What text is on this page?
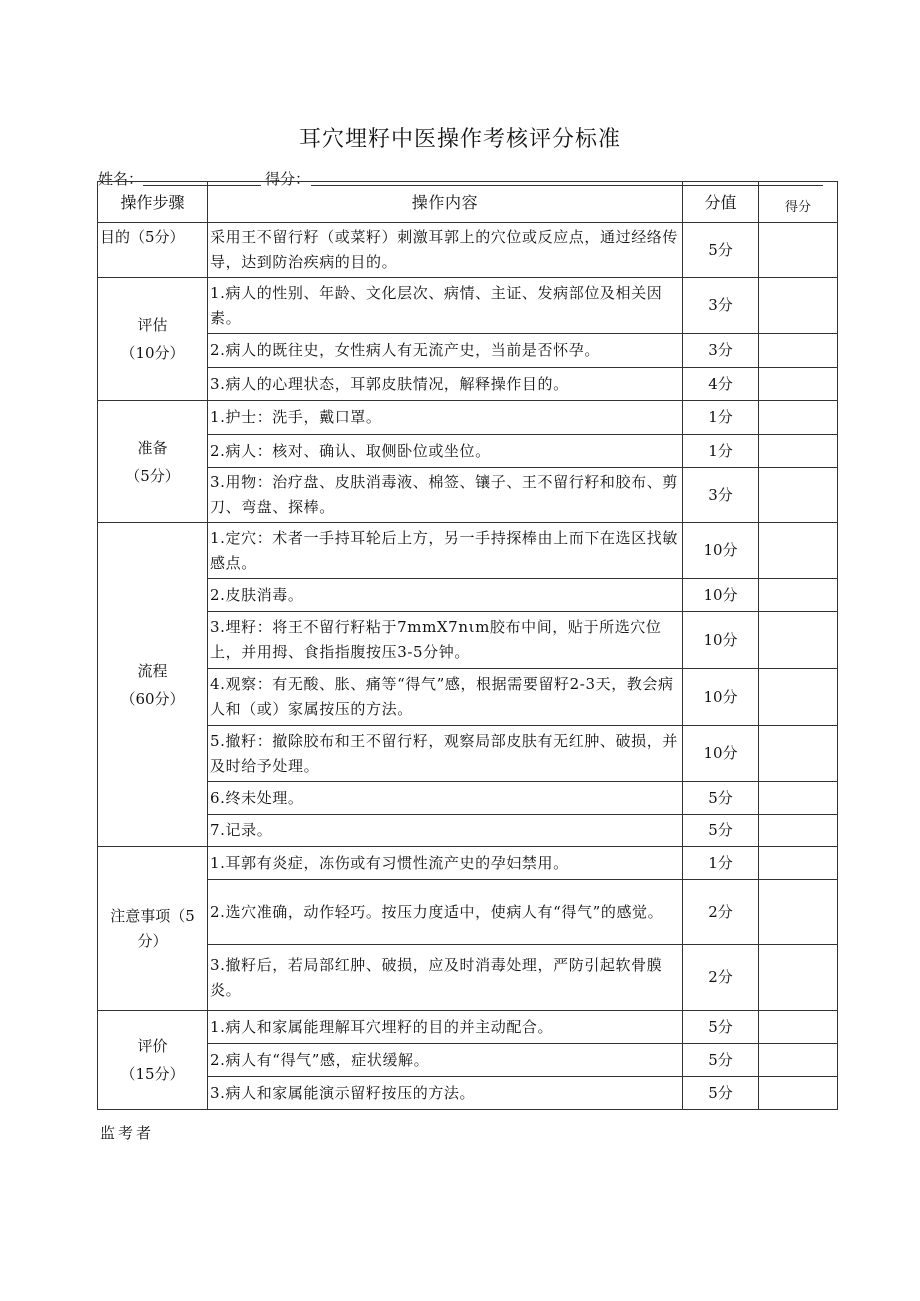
耳穴埋籽中医操作考核评分标准
姓名：	得分：
操作步骤	操作内容	分值	得分
目的（5分）	采用王不留行籽（或菜籽）刺激耳郭上的穴位或反应点，通过经络传导，达到防治疾病的目的。	5分	

评估
（10分）	1.病人的性别、年龄、文化层次、病情、主证、发病部位及相关因素。	3分	
	2.病人的既往史，女性病人有无流产史，当前是否怀孕。	3分	
	3.病人的心理状态，耳郭皮肤情况，解释操作目的。	4分	

准备
（5分）	1.护士：洗手，戴口罩。	1分	
	2.病人：核对、确认、取侧卧位或坐位。	1分	
	3.用物：治疗盘、皮肤消毒液、棉签、镶子、王不留行籽和胶布、剪刀、弯盘、探棒。	3分	

流程
（60分）	1.定穴：术者一手持耳轮后上方，另一手持探棒由上而下在选区找敏感点。	10分	
	2.皮肤消毒。	10分	
	3.埋籽：将王不留行籽粘于7mmX7nιm胶布中间，贴于所选穴位上，并用拇、食指指腹按压3-5分钟。	10分	
	4.观察：有无酸、胀、痛等“得气”感，根据需要留籽2-3天，教会病人和（或）家属按压的方法。	10分	
	5.撤籽：撤除胶布和王不留行籽，观察局部皮肤有无红肿、破损，并及时给予处理。	10分	
	6.终未处理。	5分	
	7.记录。	5分	
注意事项（5分）	1.耳郭有炎症，冻伤或有习惯性流产史的孕妇禁用。	1分	
	2.选穴准确，动作轻巧。按压力度适中，使病人有“得气”的感觉。	2分	
	3.撤籽后，若局部红肿、破损，应及时消毒处理，严防引起软骨膜炎。	2分	

评价
（15分）	1.病人和家属能理解耳穴埋籽的目的并主动配合。	5分	
	2.病人有“得气”感，症状缓解。	5分	
	3.病人和家属能演示留籽按压的方法。	5分	
监考者
